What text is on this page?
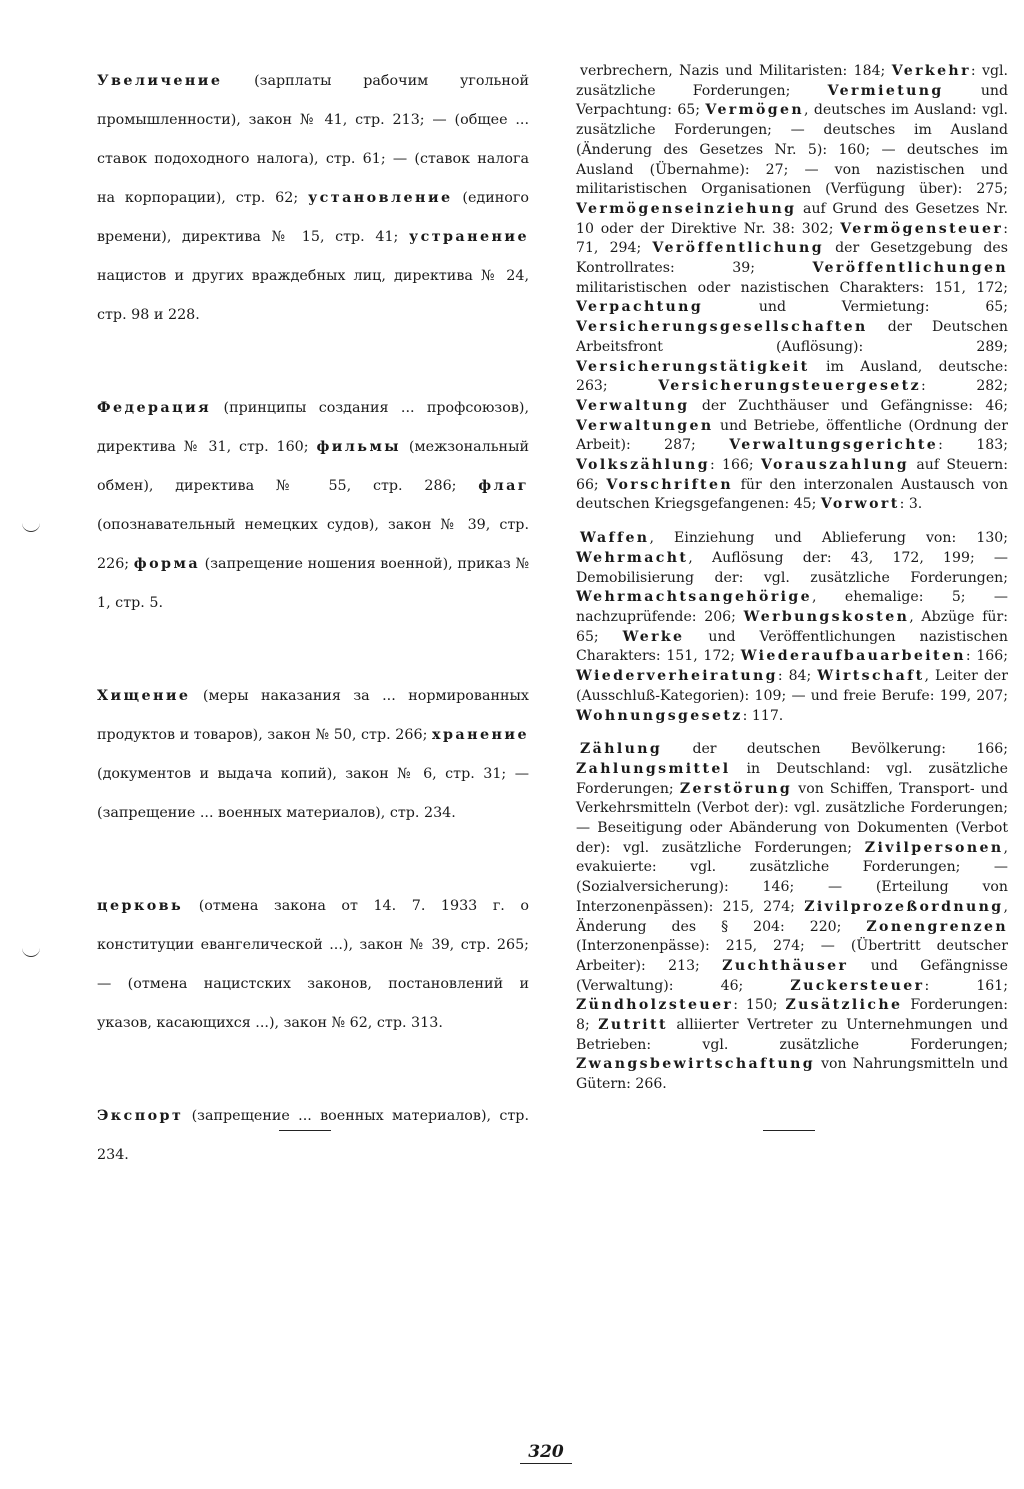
Увеличение (зарплаты рабочим угольной промышленности), закон № 41, стр. 213; — (общее ... ставок подоходного налога), стр. 61; — (ставок налога на корпорации), стр. 62; установление (единого времени), директива № 15, стр. 41; устранение нацистов и других враждебных лиц, директива № 24, стр. 98 и 228.

Федерация (принципы создания ... профсоюзов), директива № 31, стр. 160; фильмы (межзональный обмен), директива № 55, стр. 286; флаг (опознавательный немецких судов), закон № 39, стр. 226; форма (запрещение ношения военной), приказ № 1, стр. 5.

Хищение (меры наказания за ... нормированных продуктов и товаров), закон № 50, стр. 266; хранение (документов и выдача копий), закон № 6, стр. 31; — (запрещение ... военных материалов), стр. 234.

церковь (отмена закона от 14. 7. 1933 г. о конституции евангелической ...), закон № 39, стр. 265; — (отмена нацистских законов, постановлений и указов, касающихся ...), закон № 62, стр. 313.

Экспорт (запрещение ... военных материалов), стр. 234.

verbrechern, Nazis und Militaristen: 184; Verkehr: vgl. zusätzliche Forderungen; Vermietung und Verpachtung: 65; Vermögen, deutsches im Ausland: vgl. zusätzliche Forderungen; — deutsches im Ausland (Änderung des Gesetzes Nr. 5): 160; — deutsches im Ausland (Übernahme): 27; — von nazistischen und militaristischen Organisationen (Verfügung über): 275; Vermögenseinziehung auf Grund des Gesetzes Nr. 10 oder der Direktive Nr. 38: 302; Vermögensteuer: 71, 294; Veröffentlichung der Gesetzgebung des Kontrollrates: 39; Veröffentlichungen militaristischen oder nazistischen Charakters: 151, 172; Verpachtung und Vermietung: 65; Versicherungsgesellschaften der Deutschen Arbeitsfront (Auflösung): 289; Versicherungstätigkeit im Ausland, deutsche: 263; Versicherungsteuergesetz: 282; Verwaltung der Zuchthäuser und Gefängnisse: 46; Verwaltungen und Betriebe, öffentliche (Ordnung der Arbeit): 287; Verwaltungsgerichte: 183; Volkszählung: 166; Vorauszahlung auf Steuern: 66; Vorschriften für den interzonalen Austausch von deutschen Kriegsgefangenen: 45; Vorwort: 3.

Waffen, Einziehung und Ablieferung von: 130; Wehrmacht, Auflösung der: 43, 172, 199; — Demobilisierung der: vgl. zusätzliche Forderungen; Wehrmachtsangehörige, ehemalige: 5; — nachzuprüfende: 206; Werbungskosten, Abzüge für: 65; Werke und Veröffentlichungen nazistischen Charakters: 151, 172; Wiederaufbauarbeiten: 166; Wiederverheiratung: 84; Wirtschaft, Leiter der (Ausschluß-Kategorien): 109; — und freie Berufe: 199, 207; Wohnungsgesetz: 117.

Zählung der deutschen Bevölkerung: 166; Zahlungsmittel in Deutschland: vgl. zusätzliche Forderungen; Zerstörung von Schiffen, Transport- und Verkehrsmitteln (Verbot der): vgl. zusätzliche Forderungen; — Beseitigung oder Abänderung von Dokumenten (Verbot der): vgl. zusätzliche Forderungen; Zivilpersonen, evakuierte: vgl. zusätzliche Forderungen; — (Sozialversicherung): 146; — (Erteilung von Interzonenpässen): 215, 274; Zivilprozeßordnung, Änderung des § 204: 220; Zonengrenzen (Interzonenpässe): 215, 274; — (Übertritt deutscher Arbeiter): 213; Zuchthäuser und Gefängnisse (Verwaltung): 46; Zuckersteuer: 161; Zündholzsteuer: 150; Zusätzliche Forderungen: 8; Zutritt alliierter Vertreter zu Unternehmungen und Betrieben: vgl. zusätzliche Forderungen; Zwangsbewirtschaftung von Nahrungsmitteln und Gütern: 266.

320
